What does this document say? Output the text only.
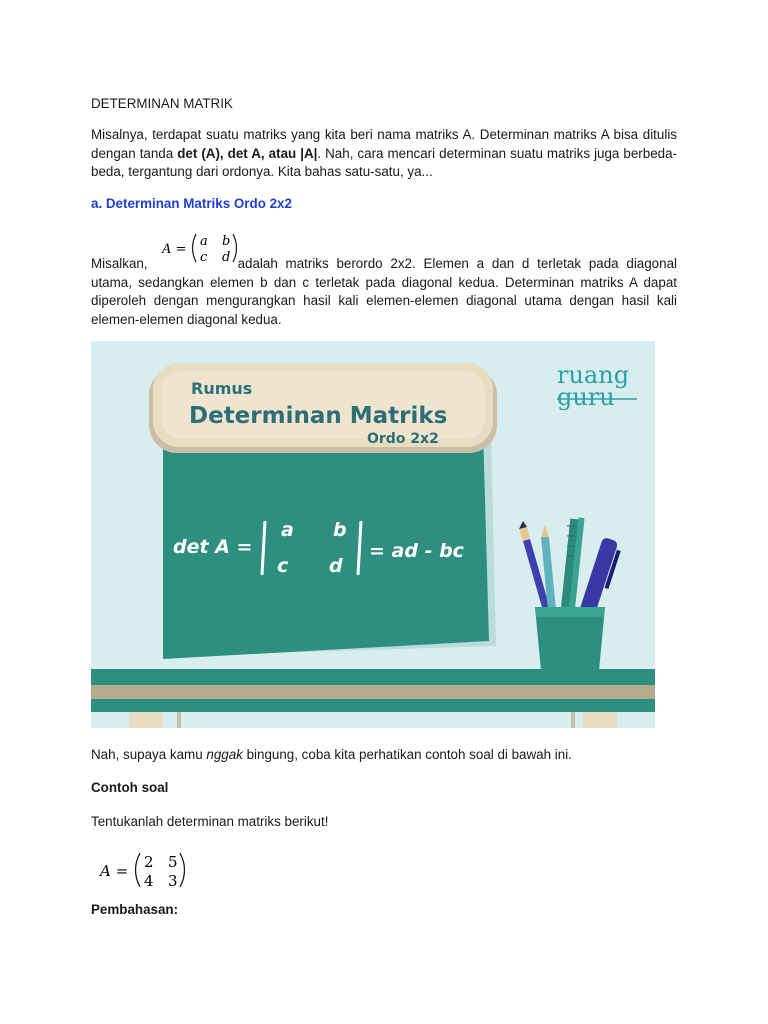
DETERMINAN MATRIK
Misalnya, terdapat suatu matriks yang kita beri nama matriks A. Determinan matriks A bisa ditulis dengan tanda det (A), det A, atau |A|. Nah, cara mencari determinan suatu matriks juga berbeda-beda, tergantung dari ordonya. Kita bahas satu-satu, ya...
a. Determinan Matriks Ordo 2x2
A =
a b
c d
Misalkan,	adalah matriks berordo 2x2. Elemen a dan d terletak pada diagonal utama, sedangkan elemen b dan c terletak pada diagonal kedua. Determinan matriks A dapat diperoleh dengan mengurangkan hasil kali elemen-elemen diagonal utama dengan hasil kali elemen-elemen diagonal kedua.
Rumus
Determinan Matriks
Ordo 2x2
det A =
a b
c d
= ad - bc
ruang
guru
Nah, supaya kamu nggak bingung, coba kita perhatikan contoh soal di bawah ini.
Contoh soal
Tentukanlah determinan matriks berikut!
A = 2 5
4 3
Pembahasan:
